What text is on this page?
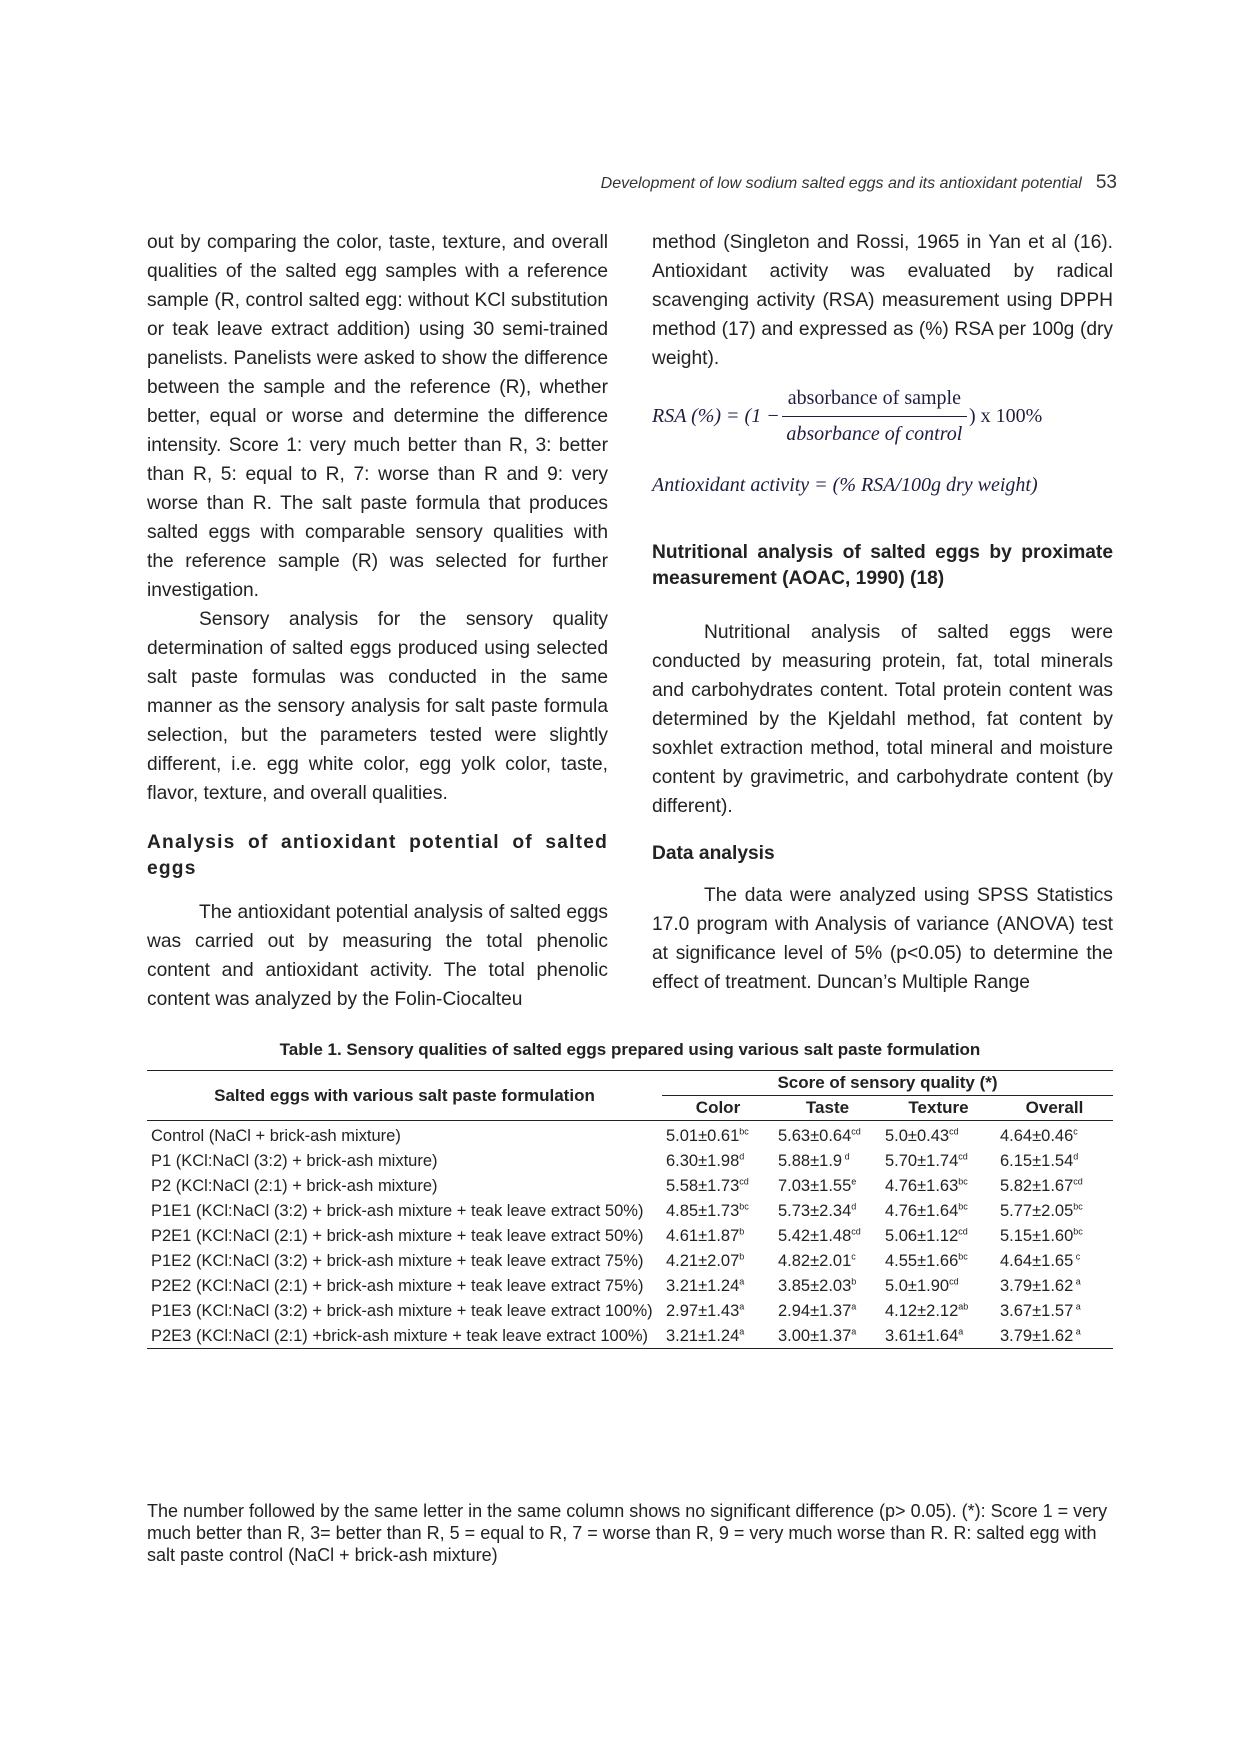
Development of low sodium salted eggs and its antioxidant potential 53

out by comparing the color, taste, texture, and overall qualities of the salted egg samples with a reference sample (R, control salted egg: without KCl substitution or teak leave extract addition) using 30 semi-trained panelists. Panelists were asked to show the difference between the sample and the reference (R), whether better, equal or worse and determine the difference intensity. Score 1: very much better than R, 3: better than R, 5: equal to R, 7: worse than R and 9: very worse than R. The salt paste formula that produces salted eggs with comparable sensory qualities with the reference sample (R) was selected for further investigation.

Sensory analysis for the sensory quality determination of salted eggs produced using selected salt paste formulas was conducted in the same manner as the sensory analysis for salt paste formula selection, but the parameters tested were slightly different, i.e. egg white color, egg yolk color, taste, flavor, texture, and overall qualities.

Analysis of antioxidant potential of salted eggs

The antioxidant potential analysis of salted eggs was carried out by measuring the total phenolic content and antioxidant activity. The total phenolic content was analyzed by the Folin-Ciocalteu

method (Singleton and Rossi, 1965 in Yan et al (16). Antioxidant activity was evaluated by radical scavenging activity (RSA) measurement using DPPH method (17) and expressed as (%) RSA per 100g (dry weight).

RSA (%) = ($1 - \frac{\text{absorbance of sample}}{\text{absorbance of control}}$ ) x 100%
Antioxidant activity = (% RSA/100g dry weight)
Nutritional analysis of salted eggs by proximate measurement (AOAC, 1990) (18)

Nutritional analysis of salted eggs were conducted by measuring protein, fat, total minerals and carbohydrates content. Total protein content was determined by the Kjeldahl method, fat content by soxhlet extraction method, total mineral and moisture content by gravimetric, and carbohydrate content (by different).

Data analysis

The data were analyzed using SPSS Statistics 17.0 program with Analysis of variance (ANOVA) test at significance level of 5% (p<0.05) to determine the effect of treatment. Duncan’s Multiple Range

Table 1. Sensory qualities of salted eggs prepared using various salt paste formulation
Salted eggs with various salt paste formulation	Score of sensory quality (*)			
	Color	Taste	Texture	Overall
Control (NaCl + brick-ash mixture)	5.01±0.61$^{bc}$	5.63±0.64$^{cd}$	5.0±0.43$^{cd}$	4.64±0.46$^c$
P1 (KCl:NaCl (3:2) + brick-ash mixture)	6.30±1.98$^d$	5.88±1.9 $^d$	5.70±1.74$^{cd}$	6.15±1.54$^d$
P2 (KCl:NaCl (2:1) + brick-ash mixture)	5.58±1.73$^{cd}$	7.03±1.55$^e$	4.76±1.63$^{bc}$	5.82±1.67$^{cd}$
P1E1 (KCl:NaCl (3:2) + brick-ash mixture + teak leave extract 50%)	4.85±1.73$^{bc}$	5.73±2.34$^d$	4.76±1.64$^{bc}$	5.77±2.05$^{bc}$
P2E1 (KCl:NaCl (2:1) + brick-ash mixture + teak leave extract 50%)	4.61±1.87$^b$	5.42±1.48$^{cd}$	5.06±1.12$^{cd}$	5.15±1.60$^{bc}$
P1E2 (KCl:NaCl (3:2) + brick-ash mixture + teak leave extract 75%)	4.21±2.07$^b$	4.82±2.01$^c$	4.55±1.66$^{bc}$	4.64±1.65 $^c$
P2E2 (KCl:NaCl (2:1) + brick-ash mixture + teak leave extract 75%)	3.21±1.24$^a$	3.85±2.03$^b$	5.0±1.90$^{cd}$	3.79±1.62 $^a$
P1E3 (KCl:NaCl (3:2) + brick-ash mixture + teak leave extract 100%)	2.97±1.43$^a$	2.94±1.37$^a$	4.12±2.12$^{ab}$	3.67±1.57 $^a$
P2E3 (KCl:NaCl (2:1) +brick-ash mixture + teak leave extract 100%)	3.21±1.24$^a$	3.00±1.37$^a$	3.61±1.64$^a$	3.79±1.62 $^a$
The number followed by the same letter in the same column shows no significant difference (p> 0.05). (*): Score 1 = very much better than R, 3= better than R, 5 = equal to R, 7 = worse than R, 9 = very much worse than R. R: salted egg with salt paste control (NaCl + brick-ash mixture)
